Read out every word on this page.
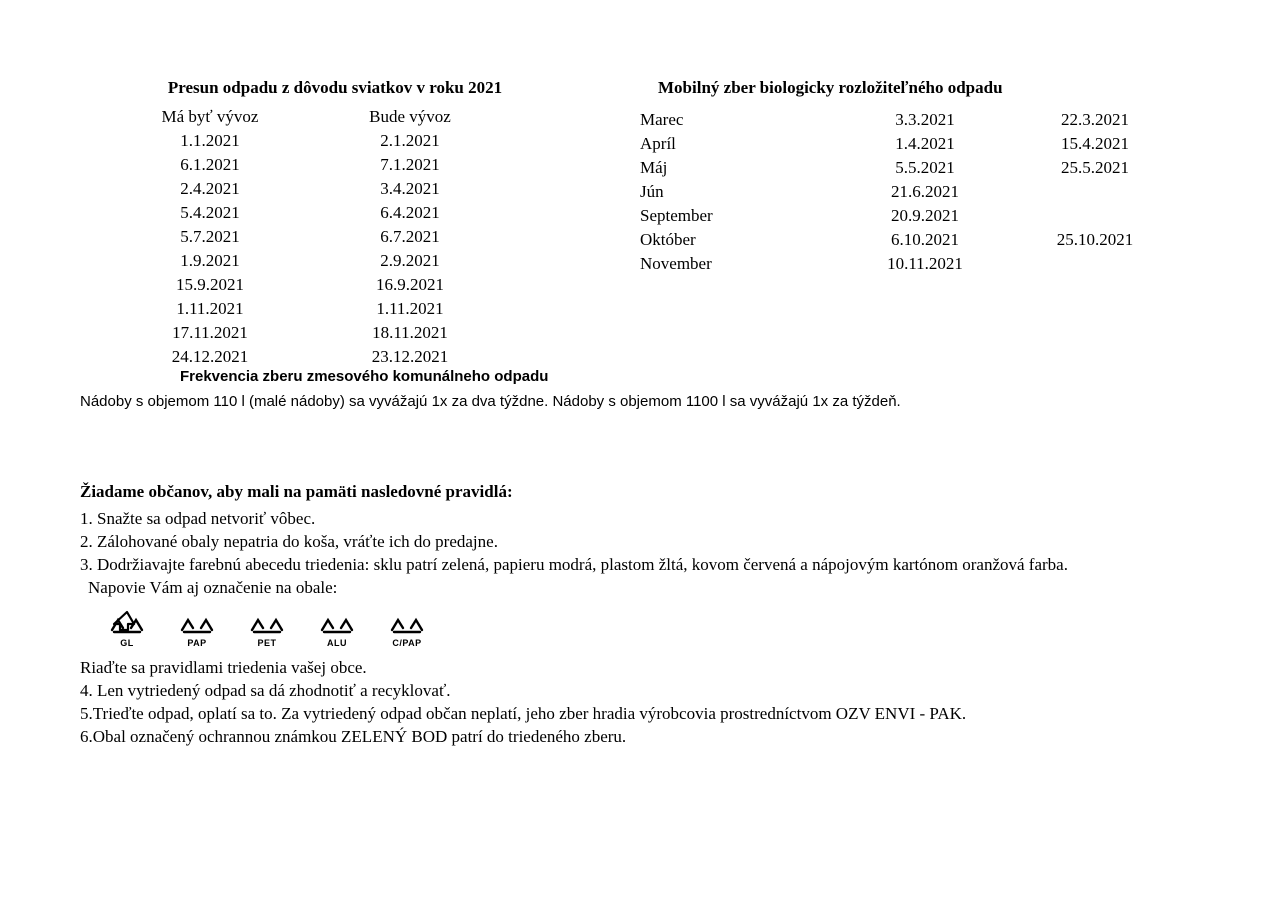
Presun odpadu z dôvodu sviatkov v roku 2021
Má byť vývoz	Bude vývoz
1.1.2021	2.1.2021
6.1.2021	7.1.2021
2.4.2021	3.4.2021
5.4.2021	6.4.2021
5.7.2021	6.7.2021
1.9.2021	2.9.2021
15.9.2021	16.9.2021
1.11.2021	1.11.2021
17.11.2021	18.11.2021
24.12.2021	23.12.2021
Mobilný zber biologicky rozložiteľného odpadu
Marec	3.3.2021	22.3.2021
Apríl	1.4.2021	15.4.2021
Máj	5.5.2021	25.5.2021
Jún	21.6.2021
September	20.9.2021
Október	6.10.2021	25.10.2021
November	10.11.2021
Frekvencia zberu zmesového komunálneho odpadu
Nádoby s objemom 110 l (malé nádoby) sa vyvážajú 1x za dva týždne. Nádoby s objemom 1100 l sa vyvážajú 1x za týždeň.
Žiadame občanov, aby mali na pamäti nasledovné pravidlá:
1. Snažte sa odpad netvoriť vôbec.
2. Zálohované obaly nepatria do koša, vráťte ich do predajne.
3. Dodržiavajte farebnú abecedu triedenia: sklu patrí zelená, papieru modrá, plastom žltá, kovom červená a nápojovým kartónom oranžová farba.
Napovie Vám aj označenie na obale:
GL	PAP	PET	ALU	C/PAP
Riaďte sa pravidlami triedenia vašej obce.
4. Len vytriedený odpad sa dá zhodnotiť a recyklovať.
5.Trieďte odpad, oplatí sa to. Za vytriedený odpad občan neplatí, jeho zber hradia výrobcovia prostredníctvom OZV ENVI - PAK.
6.Obal označený ochrannou známkou ZELENÝ BOD patrí do triedeného zberu.
